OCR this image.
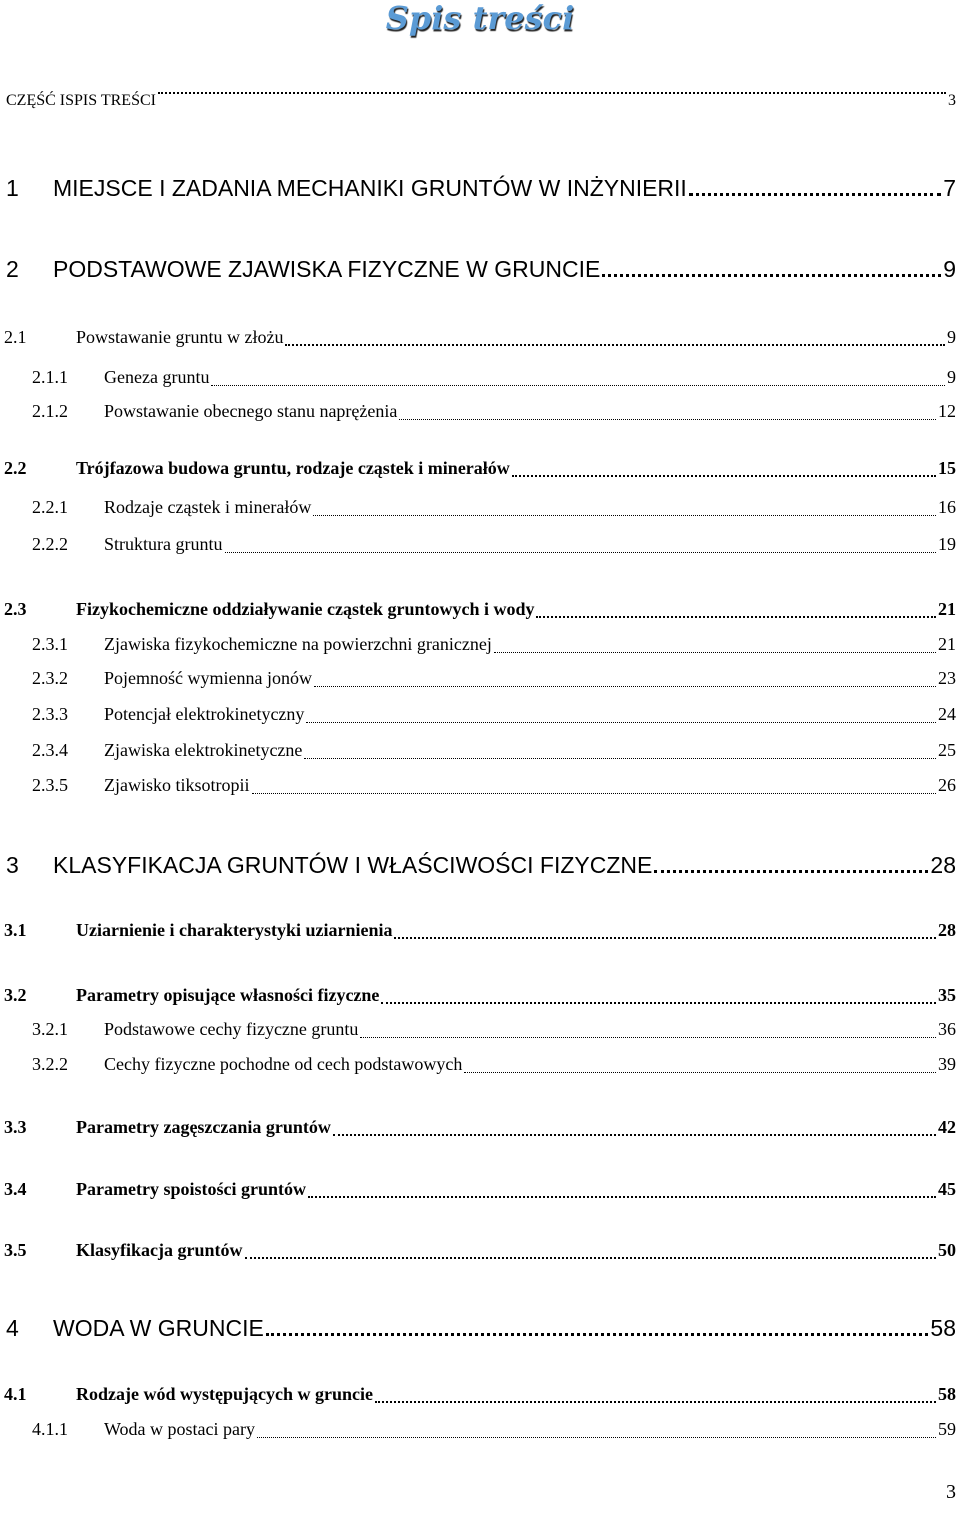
Spis treści
CZĘŚĆ ISPIS TREŚCI	3
1	MIEJSCE I ZADANIA MECHANIKI GRUNTÓW W INŻYNIERII	7
2	PODSTAWOWE ZJAWISKA FIZYCZNE W GRUNCIE	9
2.1	Powstawanie gruntu w złożu	9
2.1.1	Geneza gruntu	9
2.1.2	Powstawanie obecnego stanu naprężenia	12
2.2	Trójfazowa budowa gruntu, rodzaje cząstek i minerałów	15
2.2.1	Rodzaje cząstek i minerałów	16
2.2.2	Struktura gruntu	19
2.3	Fizykochemiczne oddziaływanie cząstek gruntowych i wody	21
2.3.1	Zjawiska fizykochemiczne na powierzchni granicznej	21
2.3.2	Pojemność wymienna jonów	23
2.3.3	Potencjał elektrokinetyczny	24
2.3.4	Zjawiska elektrokinetyczne	25
2.3.5	Zjawisko tiksotropii	26
3	KLASYFIKACJA GRUNTÓW I WŁAŚCIWOŚCI FIZYCZNE	28
3.1	Uziarnienie i charakterystyki uziarnienia	28
3.2	Parametry opisujące własności fizyczne	35
3.2.1	Podstawowe cechy fizyczne gruntu	36
3.2.2	Cechy fizyczne pochodne od cech podstawowych	39
3.3	Parametry zagęszczania gruntów	42
3.4	Parametry spoistości gruntów	45
3.5	Klasyfikacja gruntów	50
4	WODA W GRUNCIE	58
4.1	Rodzaje wód występujących w gruncie	58
4.1.1	Woda w postaci pary	59
3
